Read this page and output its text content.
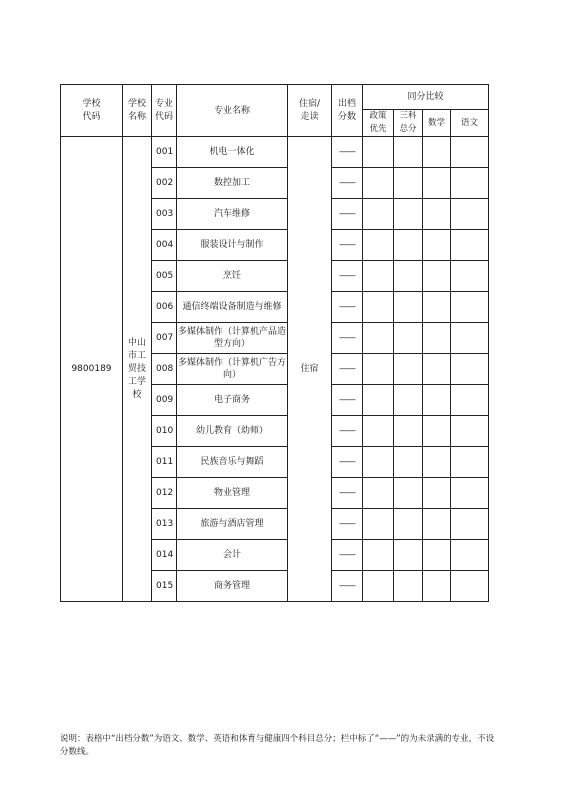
学校代码	学校名称	专业代码	专业名称	住宿/走读	出档分数	同分比较			
						政策优先	三科总分	数学	语文
9800189	中山市工贸技工学校	001	机电一体化	住宿	——				
		002	数控加工		——				
		003	汽车维修		——				
		004	服装设计与制作		——				
		005	烹饪		——				
		006	通信终端设备制造与维修		——				
		007	多媒体制作（计算机产品造型方向）		——				
		008	多媒体制作（计算机广告方向）		——				
		009	电子商务		——				
		010	幼儿教育（幼师）		——				
		011	民族音乐与舞蹈		——				
		012	物业管理		——				
		013	旅游与酒店管理		——				
		014	会计		——				
		015	商务管理		——				
说明：表格中“出档分数”为语文、数学、英语和体育与健康四个科目总分；栏中标了“——”的为未录满的专业，不设分数线。
